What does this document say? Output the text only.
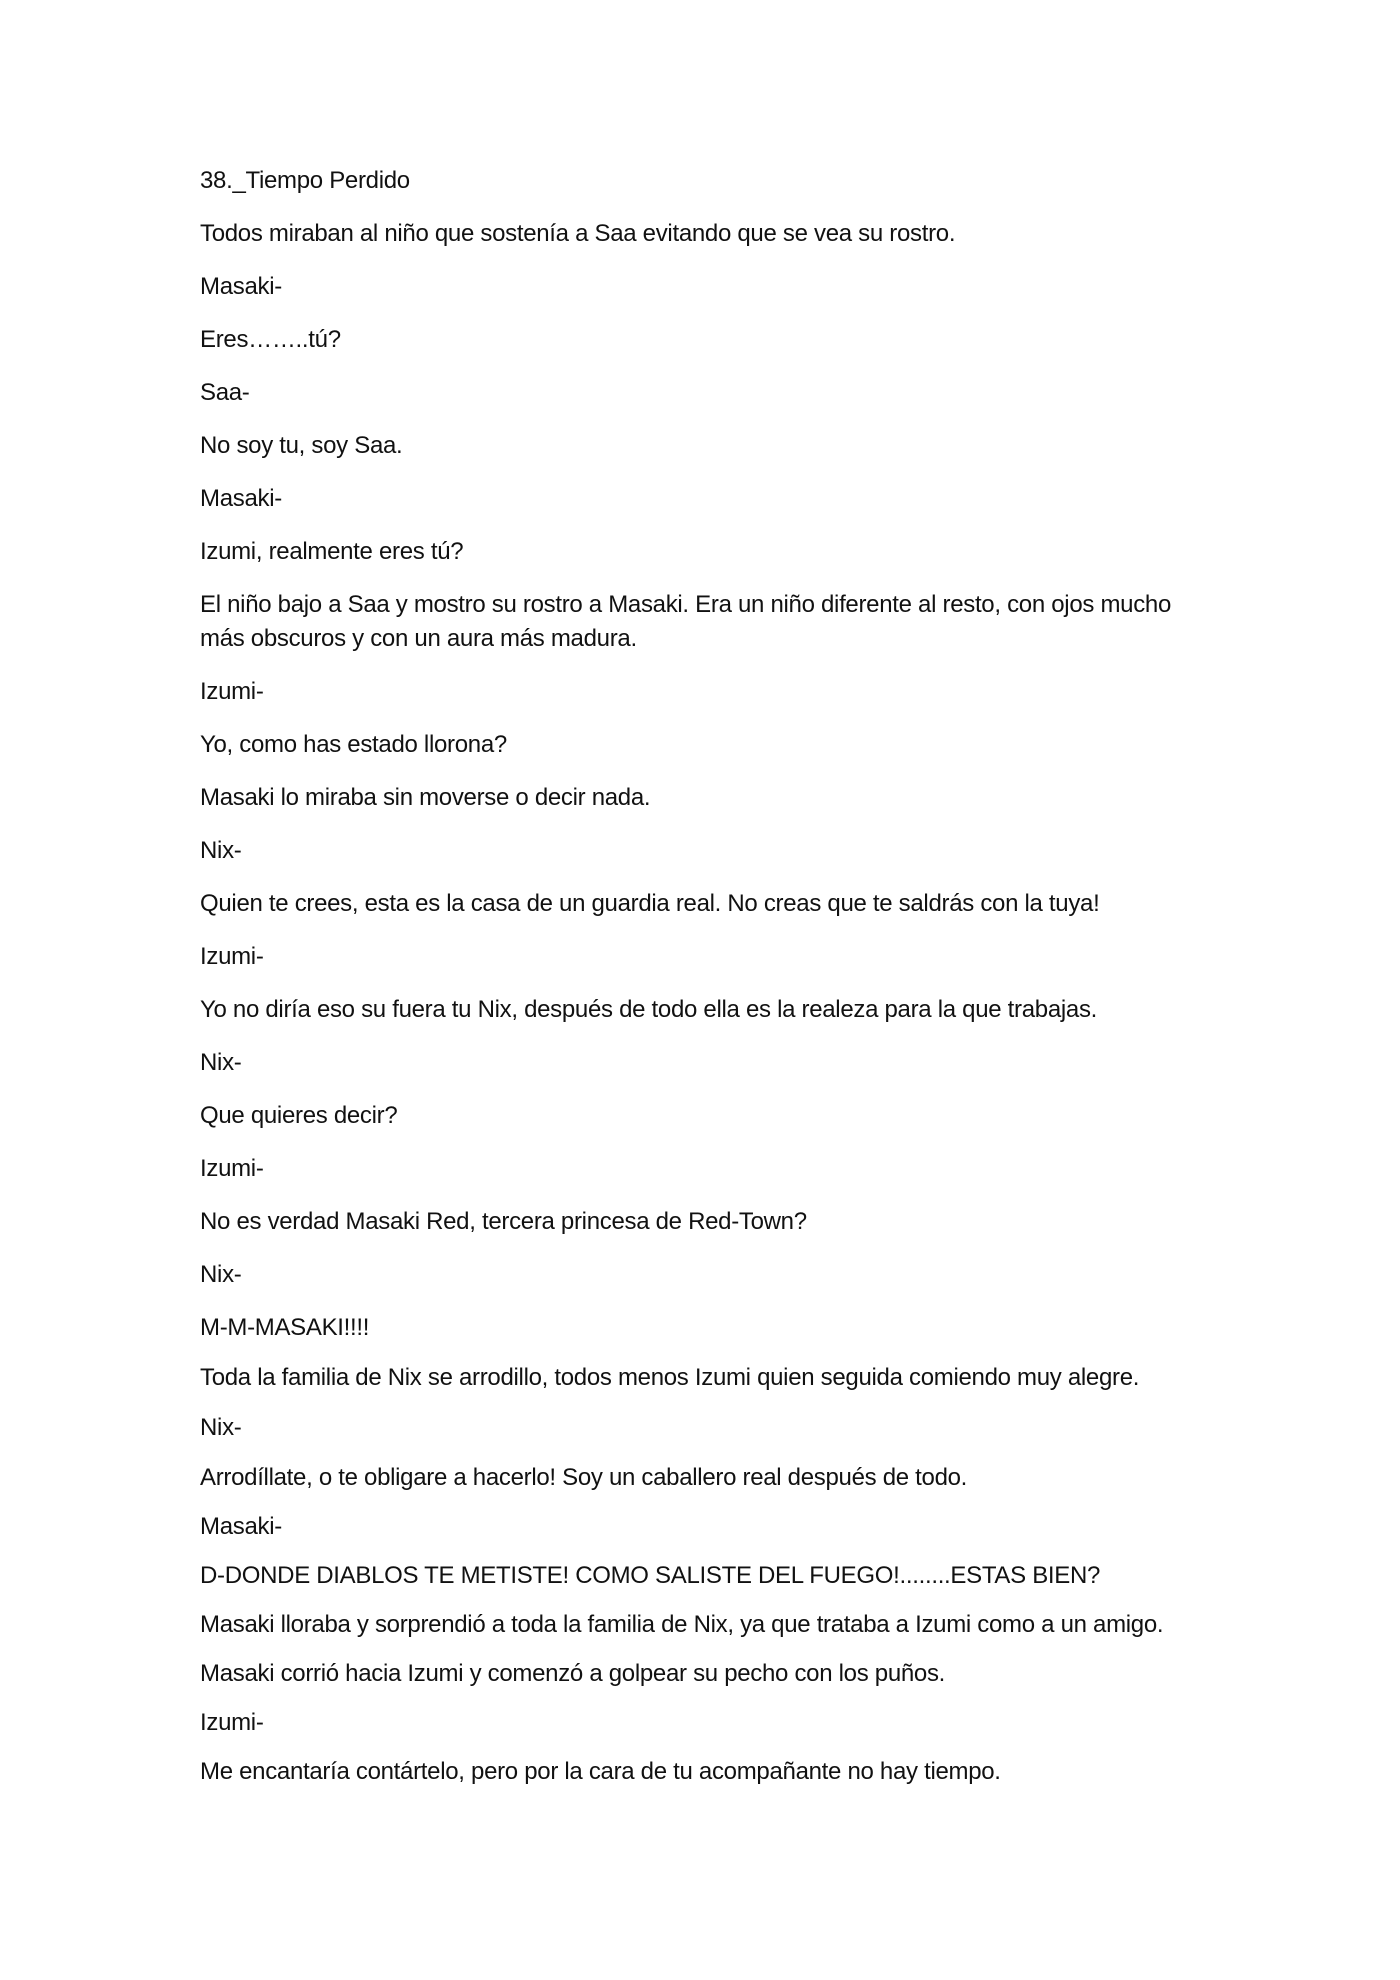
38._Tiempo Perdido

Todos miraban al niño que sostenía a Saa evitando que se vea su rostro.

Masaki-

Eres……..tú?

Saa-

No soy tu, soy Saa.

Masaki-

Izumi, realmente eres tú?

El niño bajo a Saa y mostro su rostro a Masaki. Era un niño diferente al resto, con ojos mucho más obscuros y con un aura más madura.

Izumi-

Yo, como has estado llorona?

Masaki lo miraba sin moverse o decir nada.

Nix-

Quien te crees, esta es la casa de un guardia real. No creas que te saldrás con la tuya!

Izumi-

Yo no diría eso su fuera tu Nix, después de todo ella es la realeza para la que trabajas.

Nix-

Que quieres decir?

Izumi-

No es verdad Masaki Red, tercera princesa de Red-Town?

Nix-

M-M-MASAKI!!!!

Toda la familia de Nix se arrodillo, todos menos Izumi quien seguida comiendo muy alegre.

Nix-

Arrodíllate, o te obligare a hacerlo! Soy un caballero real después de todo.

Masaki-

D-DONDE DIABLOS TE METISTE! COMO SALISTE DEL FUEGO!........ESTAS BIEN?

Masaki lloraba y sorprendió a toda la familia de Nix, ya que trataba a Izumi como a un amigo.

Masaki corrió hacia Izumi y comenzó a golpear su pecho con los puños.

Izumi-

Me encantaría contártelo, pero por la cara de tu acompañante no hay tiempo.
